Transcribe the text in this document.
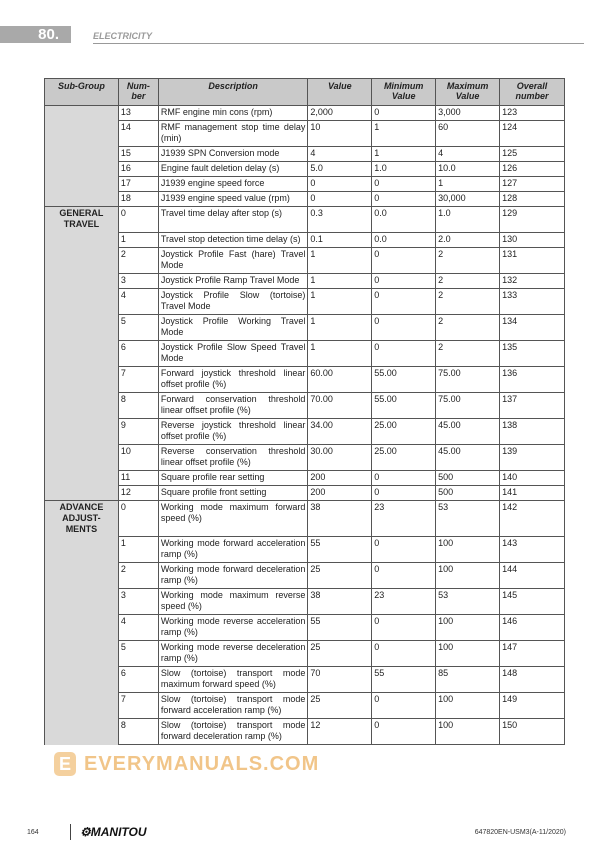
80.	ELECTRICITY
Sub-Group	Num-ber	Description	Value	Minimum Value	Maximum Value	Overall number
	13	RMF engine min cons (rpm)	2,000	0	3,000	123
	14	RMF management stop time delay (min)	10	1	60	124
	15	J1939 SPN Conversion mode	4	1	4	125
	16	Engine fault deletion delay (s)	5.0	1.0	10.0	126
	17	J1939 engine speed force	0	0	1	127
	18	J1939 engine speed value (rpm)	0	0	30,000	128
GENERAL TRAVEL	0	Travel time delay after stop (s)	0.3	0.0	1.0	129
	1	Travel stop detection time delay (s)	0.1	0.0	2.0	130
	2	Joystick Profile Fast (hare) Travel Mode	1	0	2	131
	3	Joystick Profile Ramp Travel Mode	1	0	2	132
	4	Joystick Profile Slow (tortoise) Travel Mode	1	0	2	133
	5	Joystick Profile Working Travel Mode	1	0	2	134
	6	Joystick Profile Slow Speed Travel Mode	1	0	2	135
	7	Forward joystick threshold linear offset profile (%)	60.00	55.00	75.00	136
	8	Forward conservation threshold linear offset profile (%)	70.00	55.00	75.00	137
	9	Reverse joystick threshold linear offset profile (%)	34.00	25.00	45.00	138
	10	Reverse conservation threshold linear offset profile (%)	30.00	25.00	45.00	139
	11	Square profile rear setting	200	0	500	140
	12	Square profile front setting	200	0	500	141
ADVANCE ADJUST-MENTS	0	Working mode maximum forward speed (%)	38	23	53	142
	1	Working mode forward acceleration ramp (%)	55	0	100	143
	2	Working mode forward deceleration ramp (%)	25	0	100	144
	3	Working mode maximum reverse speed (%)	38	23	53	145
	4	Working mode reverse acceleration ramp (%)	55	0	100	146
	5	Working mode reverse deceleration ramp (%)	25	0	100	147
	6	Slow (tortoise) transport mode maximum forward speed (%)	70	55	85	148
	7	Slow (tortoise) transport mode forward acceleration ramp (%)	25	0	100	149
	8	Slow (tortoise) transport mode forward deceleration ramp (%)	12	0	100	150
E EVERYMANUALS.COM
164	⚙MANITOU	647820EN-USM3(A-11/2020)
